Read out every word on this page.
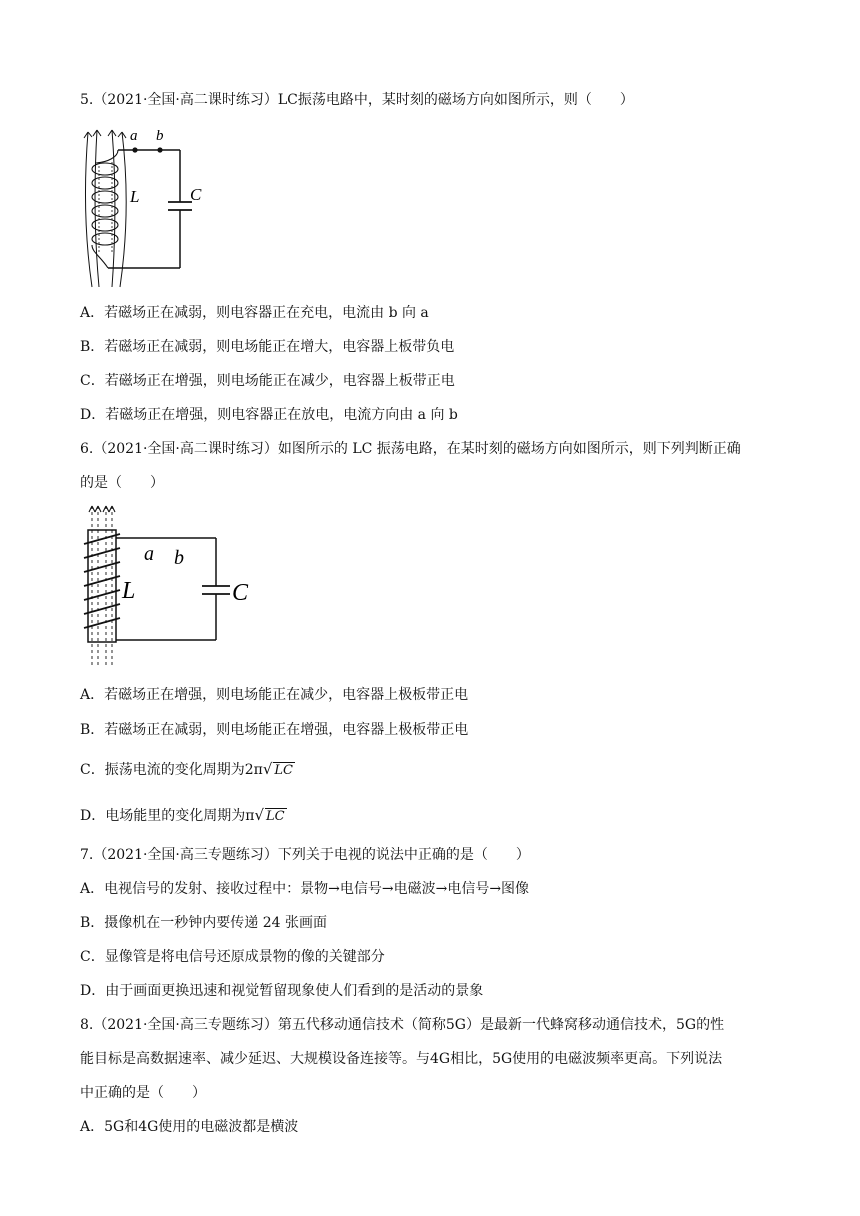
5.（2021·全国·高二课时练习）LC振荡电路中，某时刻的磁场方向如图所示，则（　　）
a b
L	C
A．若磁场正在减弱，则电容器正在充电，电流由 b 向 a
B．若磁场正在减弱，则电场能正在增大，电容器上板带负电
C．若磁场正在增强，则电场能正在减少，电容器上板带正电
D．若磁场正在增强，则电容器正在放电，电流方向由 a 向 b
6.（2021·全国·高二课时练习）如图所示的 LC 振荡电路，在某时刻的磁场方向如图所示，则下列判断正确
的是（　　）
a b
L	C
A．若磁场正在增强，则电场能正在减少，电容器上极板带正电
B．若磁场正在减弱，则电场能正在增强，电容器上极板带正电
C．振荡电流的变化周期为2π√ LC
D．电场能里的变化周期为π√ LC
7.（2021·全国·高三专题练习）下列关于电视的说法中正确的是（　　）
A．电视信号的发射、接收过程中：景物→电信号→电磁波→电信号→图像
B．摄像机在一秒钟内要传递 24 张画面
C．显像管是将电信号还原成景物的像的关键部分
D．由于画面更换迅速和视觉暂留现象使人们看到的是活动的景象
8.（2021·全国·高三专题练习）第五代移动通信技术（简称5G）是最新一代蜂窝移动通信技术，5G的性
能目标是高数据速率、减少延迟、大规模设备连接等。与4G相比，5G使用的电磁波频率更高。下列说法
中正确的是（　　）
A．5G和4G使用的电磁波都是横波
